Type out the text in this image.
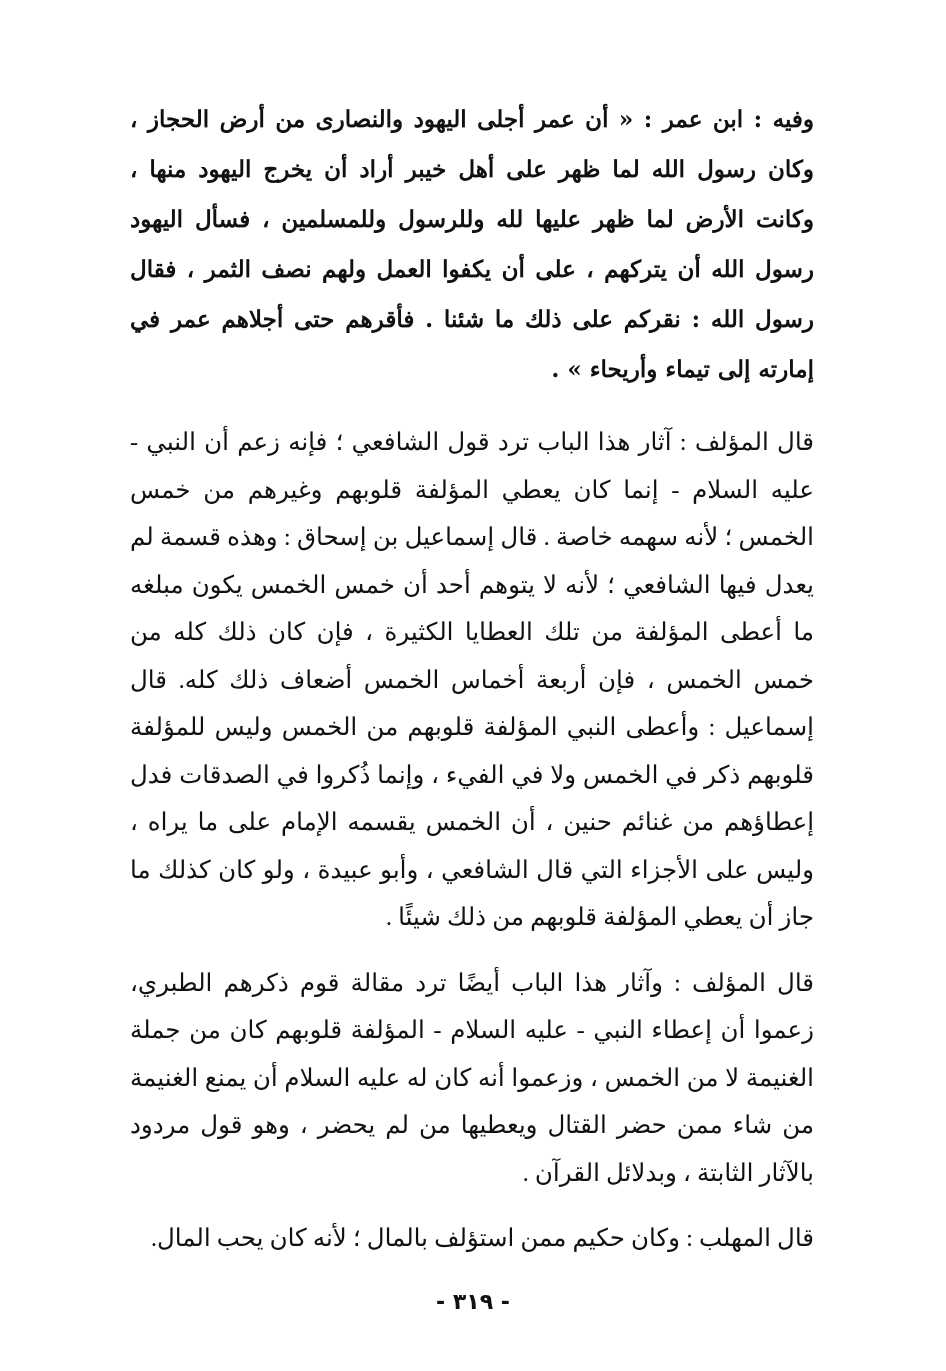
وفيه : ابن عمر : « أن عمر أجلى اليهود والنصارى من أرض الحجاز ، وكان رسول الله لما ظهر على أهل خيبر أراد أن يخرج اليهود منها ، وكانت الأرض لما ظهر عليها لله وللرسول وللمسلمين ، فسأل اليهود رسول الله أن يتركهم ، على أن يكفوا العمل ولهم نصف الثمر ، فقال رسول الله : نقركم على ذلك ما شئنا . فأقرهم حتى أجلاهم عمر في إمارته إلى تيماء وأريحاء » .

قال المؤلف : آثار هذا الباب ترد قول الشافعي ؛ فإنه زعم أن النبي - عليه السلام - إنما كان يعطي المؤلفة قلوبهم وغيرهم من خمس الخمس ؛ لأنه سهمه خاصة . قال إسماعيل بن إسحاق : وهذه قسمة لم يعدل فيها الشافعي ؛ لأنه لا يتوهم أحد أن خمس الخمس يكون مبلغه ما أعطى المؤلفة من تلك العطايا الكثيرة ، فإن كان ذلك كله من خمس الخمس ، فإن أربعة أخماس الخمس أضعاف ذلك كله. قال إسماعيل : وأعطى النبي المؤلفة قلوبهم من الخمس وليس للمؤلفة قلوبهم ذكر في الخمس ولا في الفيء ، وإنما ذُكروا في الصدقات فدل إعطاؤهم من غنائم حنين ، أن الخمس يقسمه الإمام على ما يراه ، وليس على الأجزاء التي قال الشافعي ، وأبو عبيدة ، ولو كان كذلك ما جاز أن يعطي المؤلفة قلوبهم من ذلك شيئًا .

قال المؤلف : وآثار هذا الباب أيضًا ترد مقالة قوم ذكرهم الطبري، زعموا أن إعطاء النبي - عليه السلام - المؤلفة قلوبهم كان من جملة الغنيمة لا من الخمس ، وزعموا أنه كان له عليه السلام أن يمنع الغنيمة من شاء ممن حضر القتال ويعطيها من لم يحضر ، وهو قول مردود بالآثار الثابتة ، وبدلائل القرآن .

قال المهلب : وكان حكيم ممن استؤلف بالمال ؛ لأنه كان يحب المال.

- ٣١٩ -
